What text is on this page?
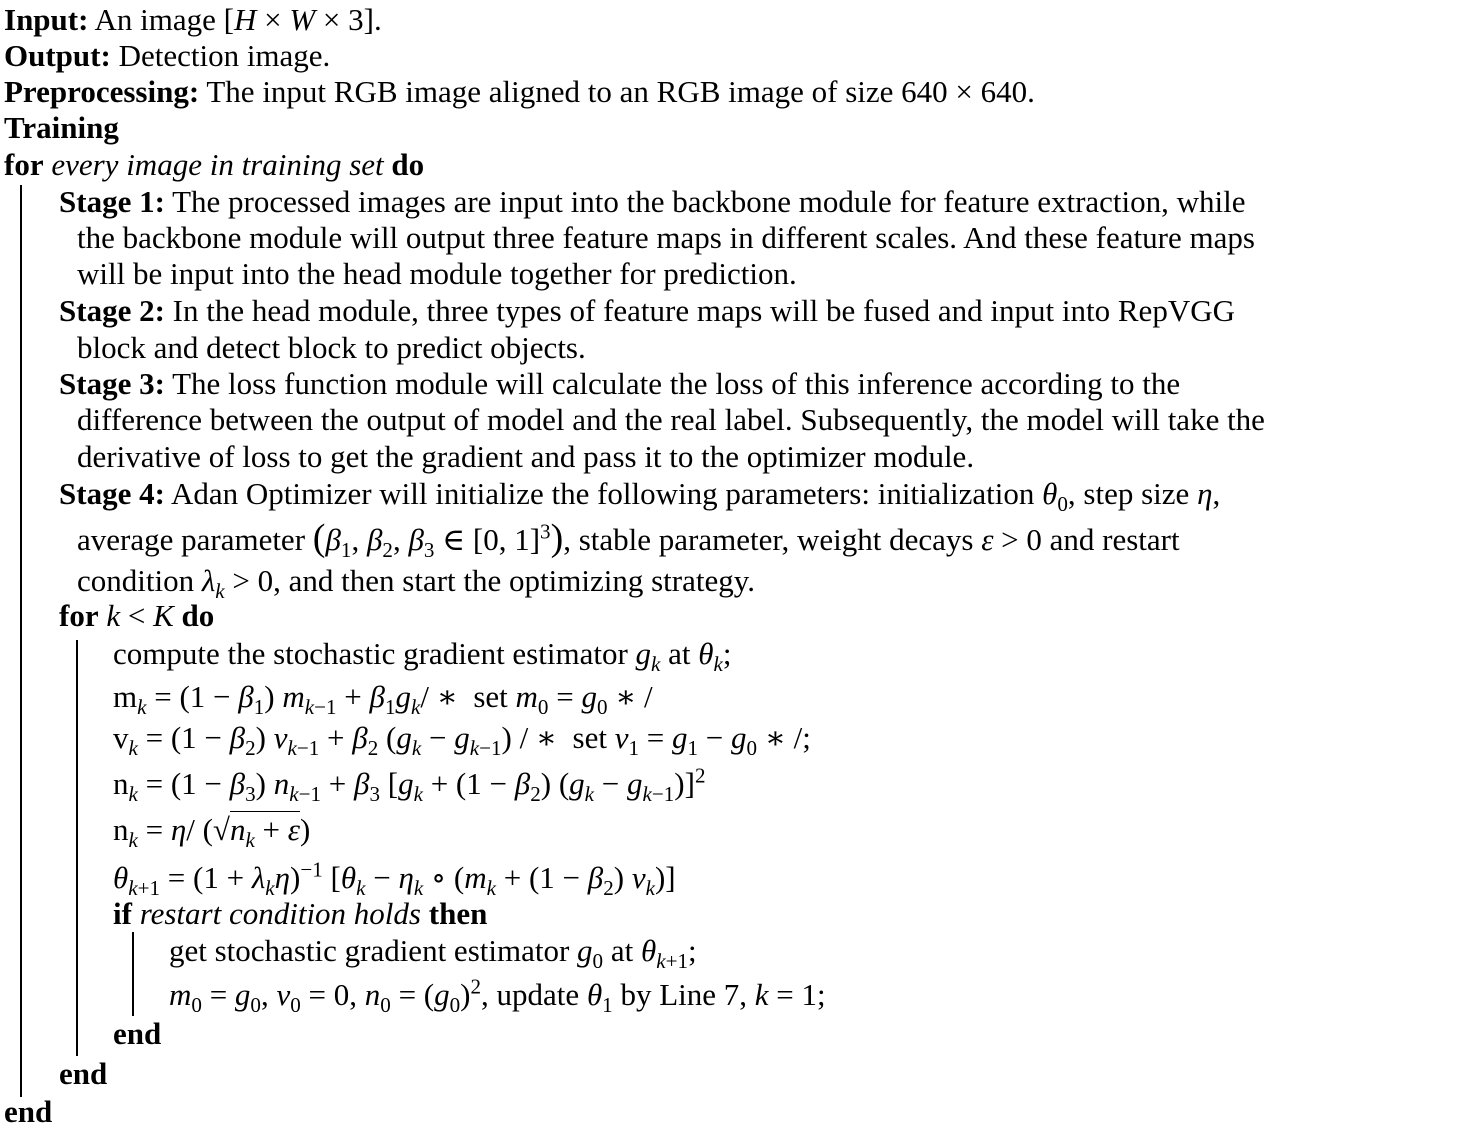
Input: An image [H × W × 3].
Output: Detection image.
Preprocessing: The input RGB image aligned to an RGB image of size 640 × 640.
Training
for every image in training set do
Stage 1: The processed images are input into the backbone module for feature extraction, while
the backbone module will output three feature maps in different scales. And these feature maps
will be input into the head module together for prediction.
Stage 2: In the head module, three types of feature maps will be fused and input into RepVGG
block and detect block to predict objects.
Stage 3: The loss function module will calculate the loss of this inference according to the
difference between the output of model and the real label. Subsequently, the model will take the
derivative of loss to get the gradient and pass it to the optimizer module.
Stage 4: Adan Optimizer will initialize the following parameters: initialization $\theta_0$, step size η,
average parameter ($\beta_1$, $\beta_2$, $\beta_3$ ∈ [0, 1]$^3$), stable parameter, weight decays ε > 0 and restart
condition $\lambda_k > 0$, and then start the optimizing strategy.
for k < K do
compute the stochastic gradient estimator $g_k$ at $\theta_k$;
$m_k = (1 - \beta_1) m_{k-1} + \beta_1g_k/$ ∗  set $m_0 = g_0$ ∗ /
$v_k = (1 - \beta_2) v_{k-1} + \beta_2$ $(g_k - g_{k-1})$ / ∗  set $v_1 = g_1 - g_0$ ∗ /;
$n_k = (1 - \beta_3) n_{k-1} + \beta_3$ $[g_k + (1 - \beta_2) (g_k - g_{k-1})]^2$
$n_k = \eta/$ $(√n_k + \varepsilon)$
$\theta_{k+1} = (1 + \lambda_k\eta)^{-1}$ [$\theta_k - \eta_k$ ∘ ($m_k + (1 - \beta_2)$ $v_k$)]
if restart condition holds then
get stochastic gradient estimator $g_0$ at $\theta_{k+1}$;
$m_0 = g_0$, $v_0 = 0$, $n_0 = (g_0)^2$, update $\theta_1$ by Line 7, k = 1;
end
end
end
